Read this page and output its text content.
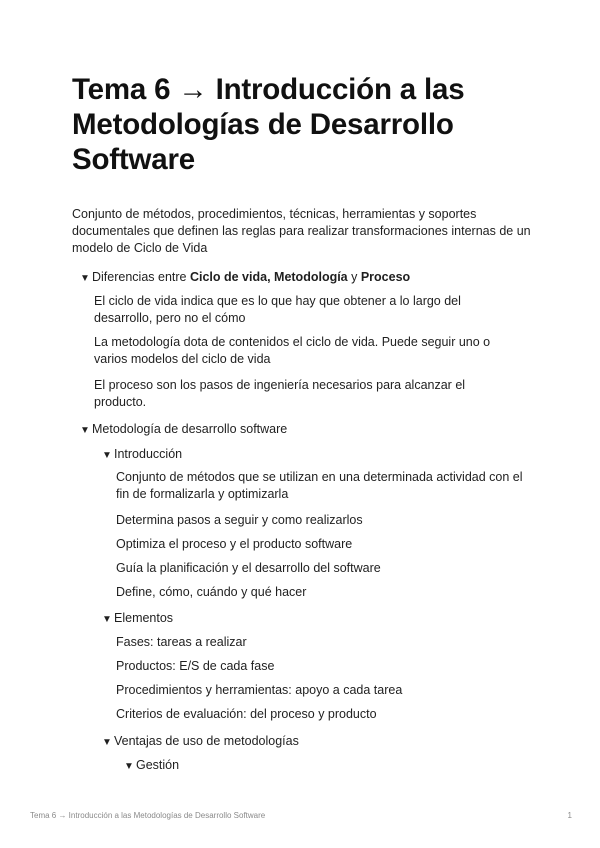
Tema 6 → Introducción a las Metodologías de Desarrollo Software
Conjunto de métodos, procedimientos, técnicas, herramientas y soportes documentales que definen las reglas para realizar transformaciones internas de un modelo de Ciclo de Vida
▼ Diferencias entre Ciclo de vida, Metodología y Proceso
El ciclo de vida indica que es lo que hay que obtener a lo largo del desarrollo, pero no el cómo
La metodología dota de contenidos el ciclo de vida. Puede seguir uno o varios modelos del ciclo de vida
El proceso son los pasos de ingeniería necesarios para alcanzar el producto.
▼ Metodología de desarrollo software
▼ Introducción
Conjunto de métodos que se utilizan en una determinada actividad con el fin de formalizarla y optimizarla
Determina pasos a seguir y como realizarlos
Optimiza el proceso y el producto software
Guía la planificación y el desarrollo del software
Define, cómo, cuándo y qué hacer
▼ Elementos
Fases: tareas a realizar
Productos: E/S de cada fase
Procedimientos y herramientas: apoyo a cada tarea
Criterios de evaluación: del proceso y producto
▼ Ventajas de uso de metodologías
▼ Gestión
Tema 6 → Introducción a las Metodologías de Desarrollo Software	1
